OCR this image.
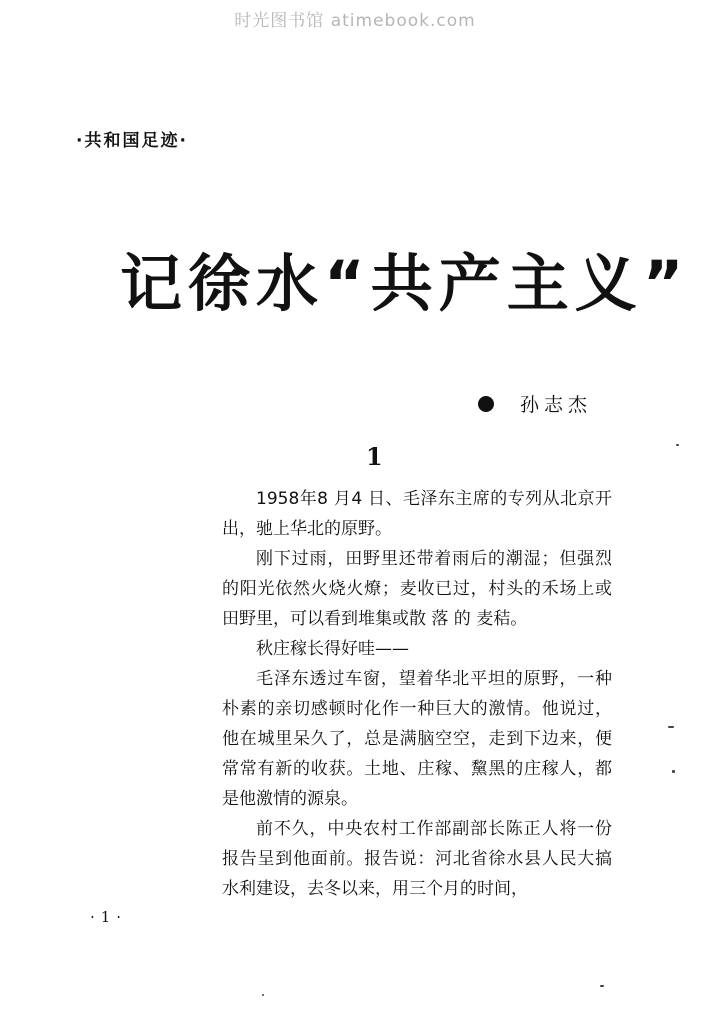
时光图书馆 atimebook.com
·共和国足迹·
记徐水“共产主义”
孙志杰
1

1958年8 月4 日、毛泽东主席的专列从北京开出，驰上华北的原野。

刚下过雨，田野里还带着雨后的潮湿；但强烈的阳光依然火烧火燎；麦收已过，村头的禾场上或田野里，可以看到堆集或散 落 的 麦秸。

秋庄稼长得好哇——

毛泽东透过车窗，望着华北平坦的原野，一种朴素的亲切感顿时化作一种巨大的激情。他说过，他在城里呆久了，总是满脑空空，走到下边来，便常常有新的收获。土地、庄稼、黧黑的庄稼人，都是他激情的源泉。

前不久，中央农村工作部副部长陈正人将一份报告呈到他面前。报告说：河北省徐水县人民大搞水利建设，去冬以来，用三个月的时间，

·1·
